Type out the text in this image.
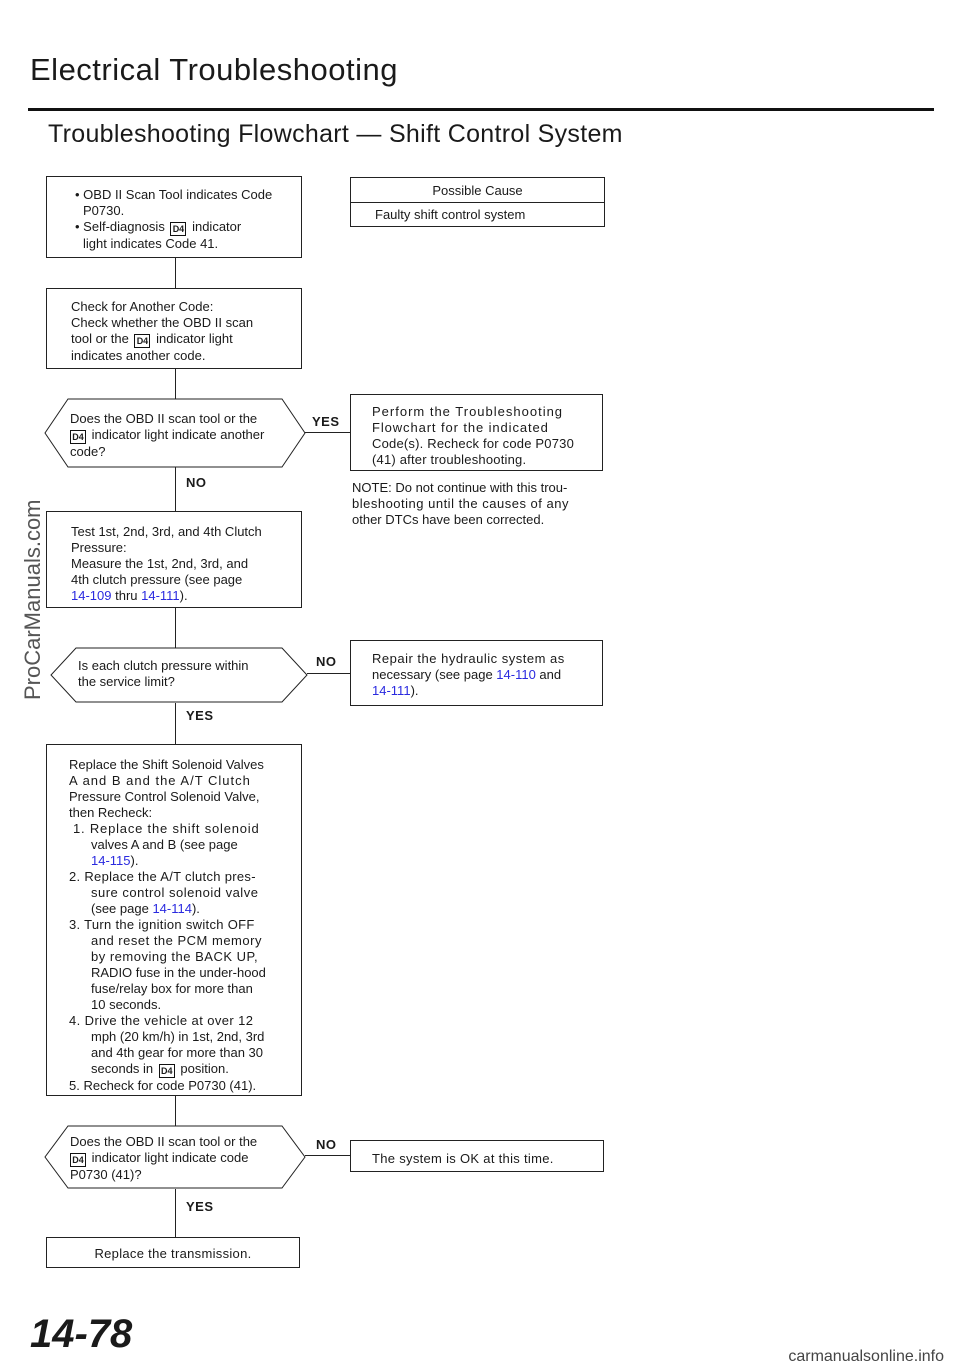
Electrical Troubleshooting
Troubleshooting Flowchart — Shift Control System
• OBD II Scan Tool indicates Code
P0730.
• Self-diagnosis D4 indicator
light indicates Code 41.
Possible Cause
Faulty shift control system
Check for Another Code:
Check whether the OBD II scan
tool or the D4 indicator light
indicates another code.
Does the OBD II scan tool or the
D4 indicator light indicate another
code?
YES
NO
Perform the Troubleshooting
Flowchart for the indicated
Code(s). Recheck for code P0730
(41) after troubleshooting.
NOTE: Do not continue with this trou-
bleshooting until the causes of any
other DTCs have been corrected.
Test 1st, 2nd, 3rd, and 4th Clutch
Pressure:
Measure the 1st, 2nd, 3rd, and
4th clutch pressure (see page
14-109 thru 14-111).
Is each clutch pressure within
the service limit?
NO
YES
Repair the hydraulic system as
necessary (see page 14-110 and
14-111).
Replace the Shift Solenoid Valves
A and B and the A/T Clutch
Pressure Control Solenoid Valve,
then Recheck:
1. Replace the shift solenoid
valves A and B (see page
14-115).
2. Replace the A/T clutch pres-
sure control solenoid valve
(see page 14-114).
3. Turn the ignition switch OFF
and reset the PCM memory
by removing the BACK UP,
RADIO fuse in the under-hood
fuse/relay box for more than
10 seconds.
4. Drive the vehicle at over 12
mph (20 km/h) in 1st, 2nd, 3rd
and 4th gear for more than 30
seconds in D4 position.
5. Recheck for code P0730 (41).
Does the OBD II scan tool or the
D4 indicator light indicate code
P0730 (41)?
NO
YES
The system is OK at this time.
Replace the transmission.
14-78
ProCarManuals.com
carmanualsonline.info
